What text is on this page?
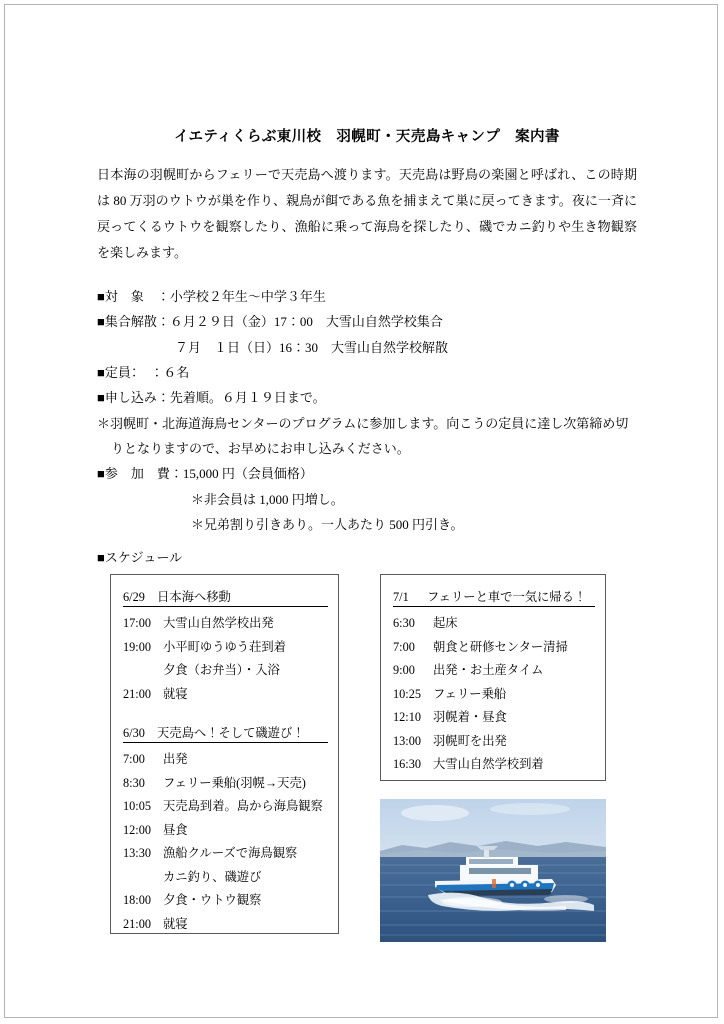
イエティくらぶ東川校　羽幌町・天売島キャンプ　案内書

日本海の羽幌町からフェリーで天売島へ渡ります。天売島は野鳥の楽園と呼ばれ、この時期は 80 万羽のウトウが巣を作り、親鳥が餌である魚を捕まえて巣に戻ってきます。夜に一斉に戻ってくるウトウを観察したり、漁船に乗って海鳥を探したり、磯でカニ釣りや生き物観察を楽しみます。

■対　象　：小学校２年生〜中学３年生
■集合解散：６月２９日（金）17：00　大雪山自然学校集合
　　　　　　７月　１日（日）16：30　大雪山自然学校解散
■定員：　：６名
■申し込み：先着順。６月１９日まで。
＊羽幌町・北海道海鳥センターのプログラムに参加します。向こうの定員に達し次第締め切
りとなりますので、お早めにお申し込みください。
■参　加　費：15,000 円（会員価格）
＊非会員は 1,000 円増し。
＊兄弟割り引きあり。一人あたり 500 円引き。
■スケジュール
6/29 日本海へ移動
17:00 大雪山自然学校出発
19:00 小平町ゆうゆう荘到着
夕食（お弁当）・入浴
21:00 就寝
6/30 天売島へ！そして磯遊び！
7:00	出発
8:30	フェリー乗船(羽幌→天売)
10:05 天売島到着。島から海鳥観察
12:00 昼食
13:30 漁船クルーズで海鳥観察
カニ釣り、磯遊び
18:00 夕食・ウトウ観察
21:00 就寝
7/1 フェリーと車で一気に帰る！
6:30	起床
7:00	朝食と研修センター清掃
9:00	出発・お土産タイム
10:25 フェリー乗船
12:10 羽幌着・昼食
13:00 羽幌町を出発
16:30 大雪山自然学校到着
